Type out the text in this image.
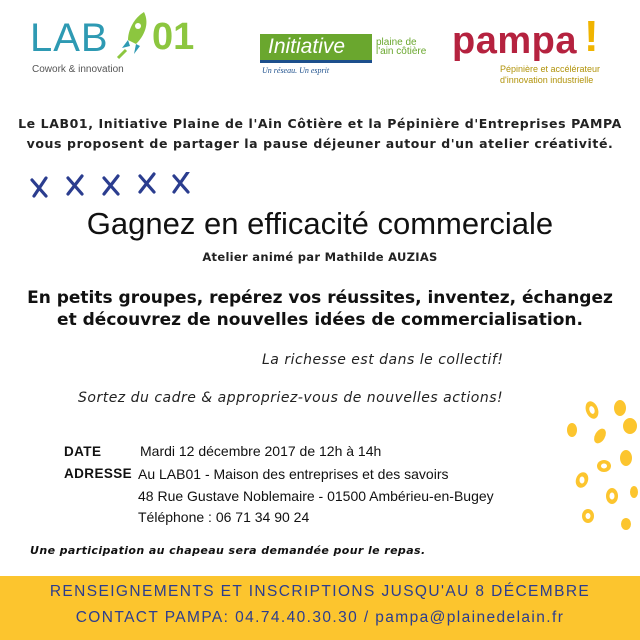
LAB 01
Cowork & innovation
Initiative	plaine de l'ain côtière
Un réseau. Un esprit
pampa !
Pépinière et accélérateur
d'innovation industrielle
Le LAB01, Initiative Plaine de l'Ain Côtière et la Pépinière d'Entreprises PAMPA
vous proposent de partager la pause déjeuner autour d'un atelier créativité.
Gagnez en efficacité commerciale
Atelier animé par Mathilde AUZIAS
En petits groupes, repérez vos réussites, inventez, échangez
et découvrez de nouvelles idées de commercialisation.
La richesse est dans le collectif!
Sortez du cadre & appropriez-vous de nouvelles actions!
DATE	Mardi 12 décembre 2017 de 12h à 14h
ADRESSE Au LAB01 - Maison des entreprises et des savoirs
48 Rue Gustave Noblemaire - 01500 Ambérieu-en-Bugey
Téléphone : 06 71 34 90 24
Une participation au chapeau sera demandée pour le repas.
RENSEIGNEMENTS ET INSCRIPTIONS JUSQU'AU 8 DÉCEMBRE
CONTACT PAMPA: 04.74.40.30.30 / pampa@plainedelain.fr
